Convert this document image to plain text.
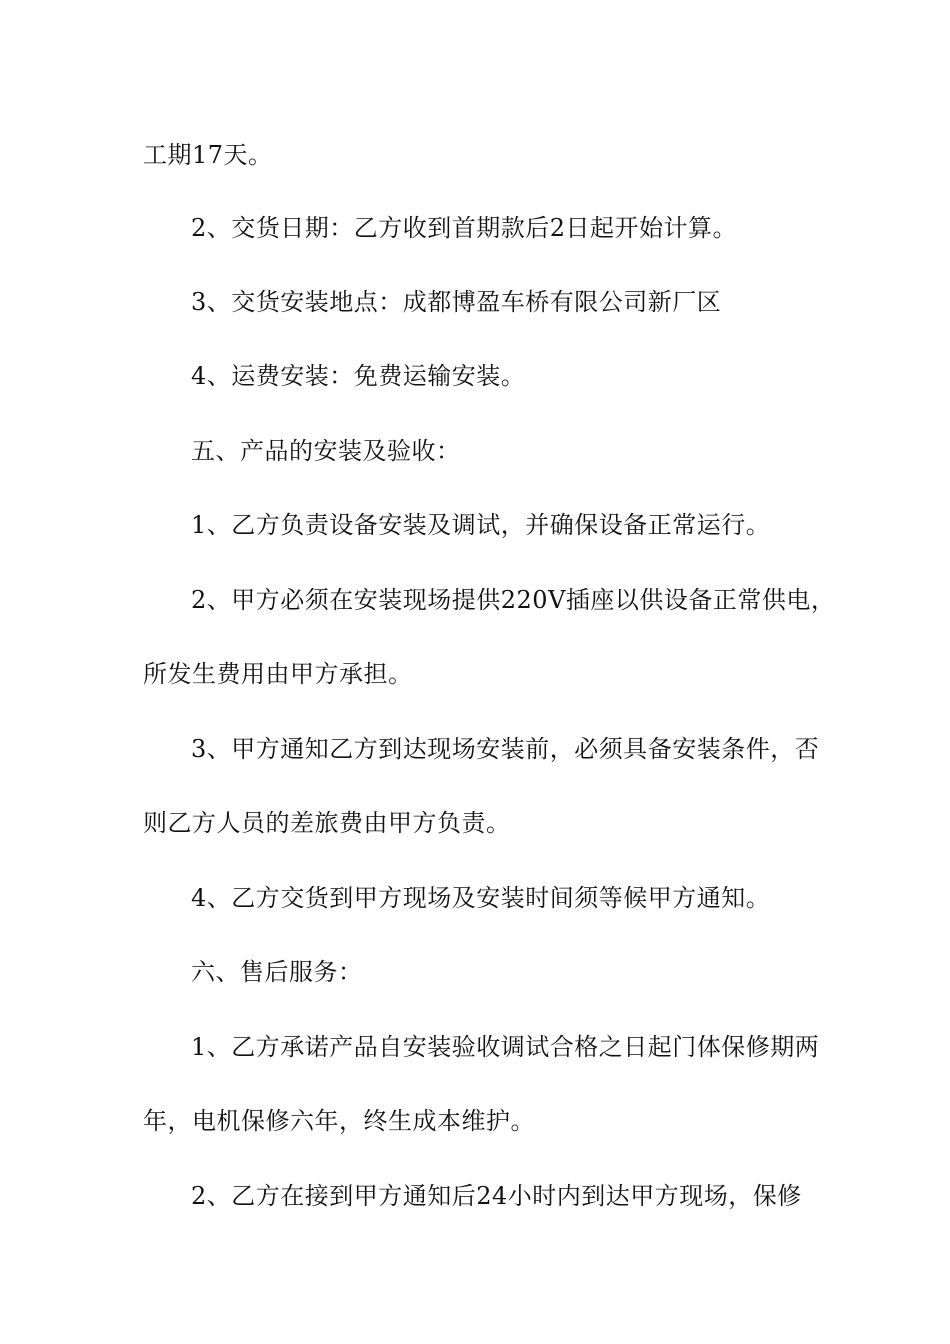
工期17天。
2、交货日期：乙方收到首期款后2日起开始计算。
3、交货安装地点：成都博盈车桥有限公司新厂区
4、运费安装：免费运输安装。
五、产品的安装及验收：
1、乙方负责设备安装及调试，并确保设备正常运行。
2、甲方必须在安装现场提供220V插座以供设备正常供电，
所发生费用由甲方承担。
3、甲方通知乙方到达现场安装前，必须具备安装条件，否
则乙方人员的差旅费由甲方负责。
4、乙方交货到甲方现场及安装时间须等候甲方通知。
六、售后服务：
1、乙方承诺产品自安装验收调试合格之日起门体保修期两
年，电机保修六年，终生成本维护。
2、乙方在接到甲方通知后24小时内到达甲方现场，保修
